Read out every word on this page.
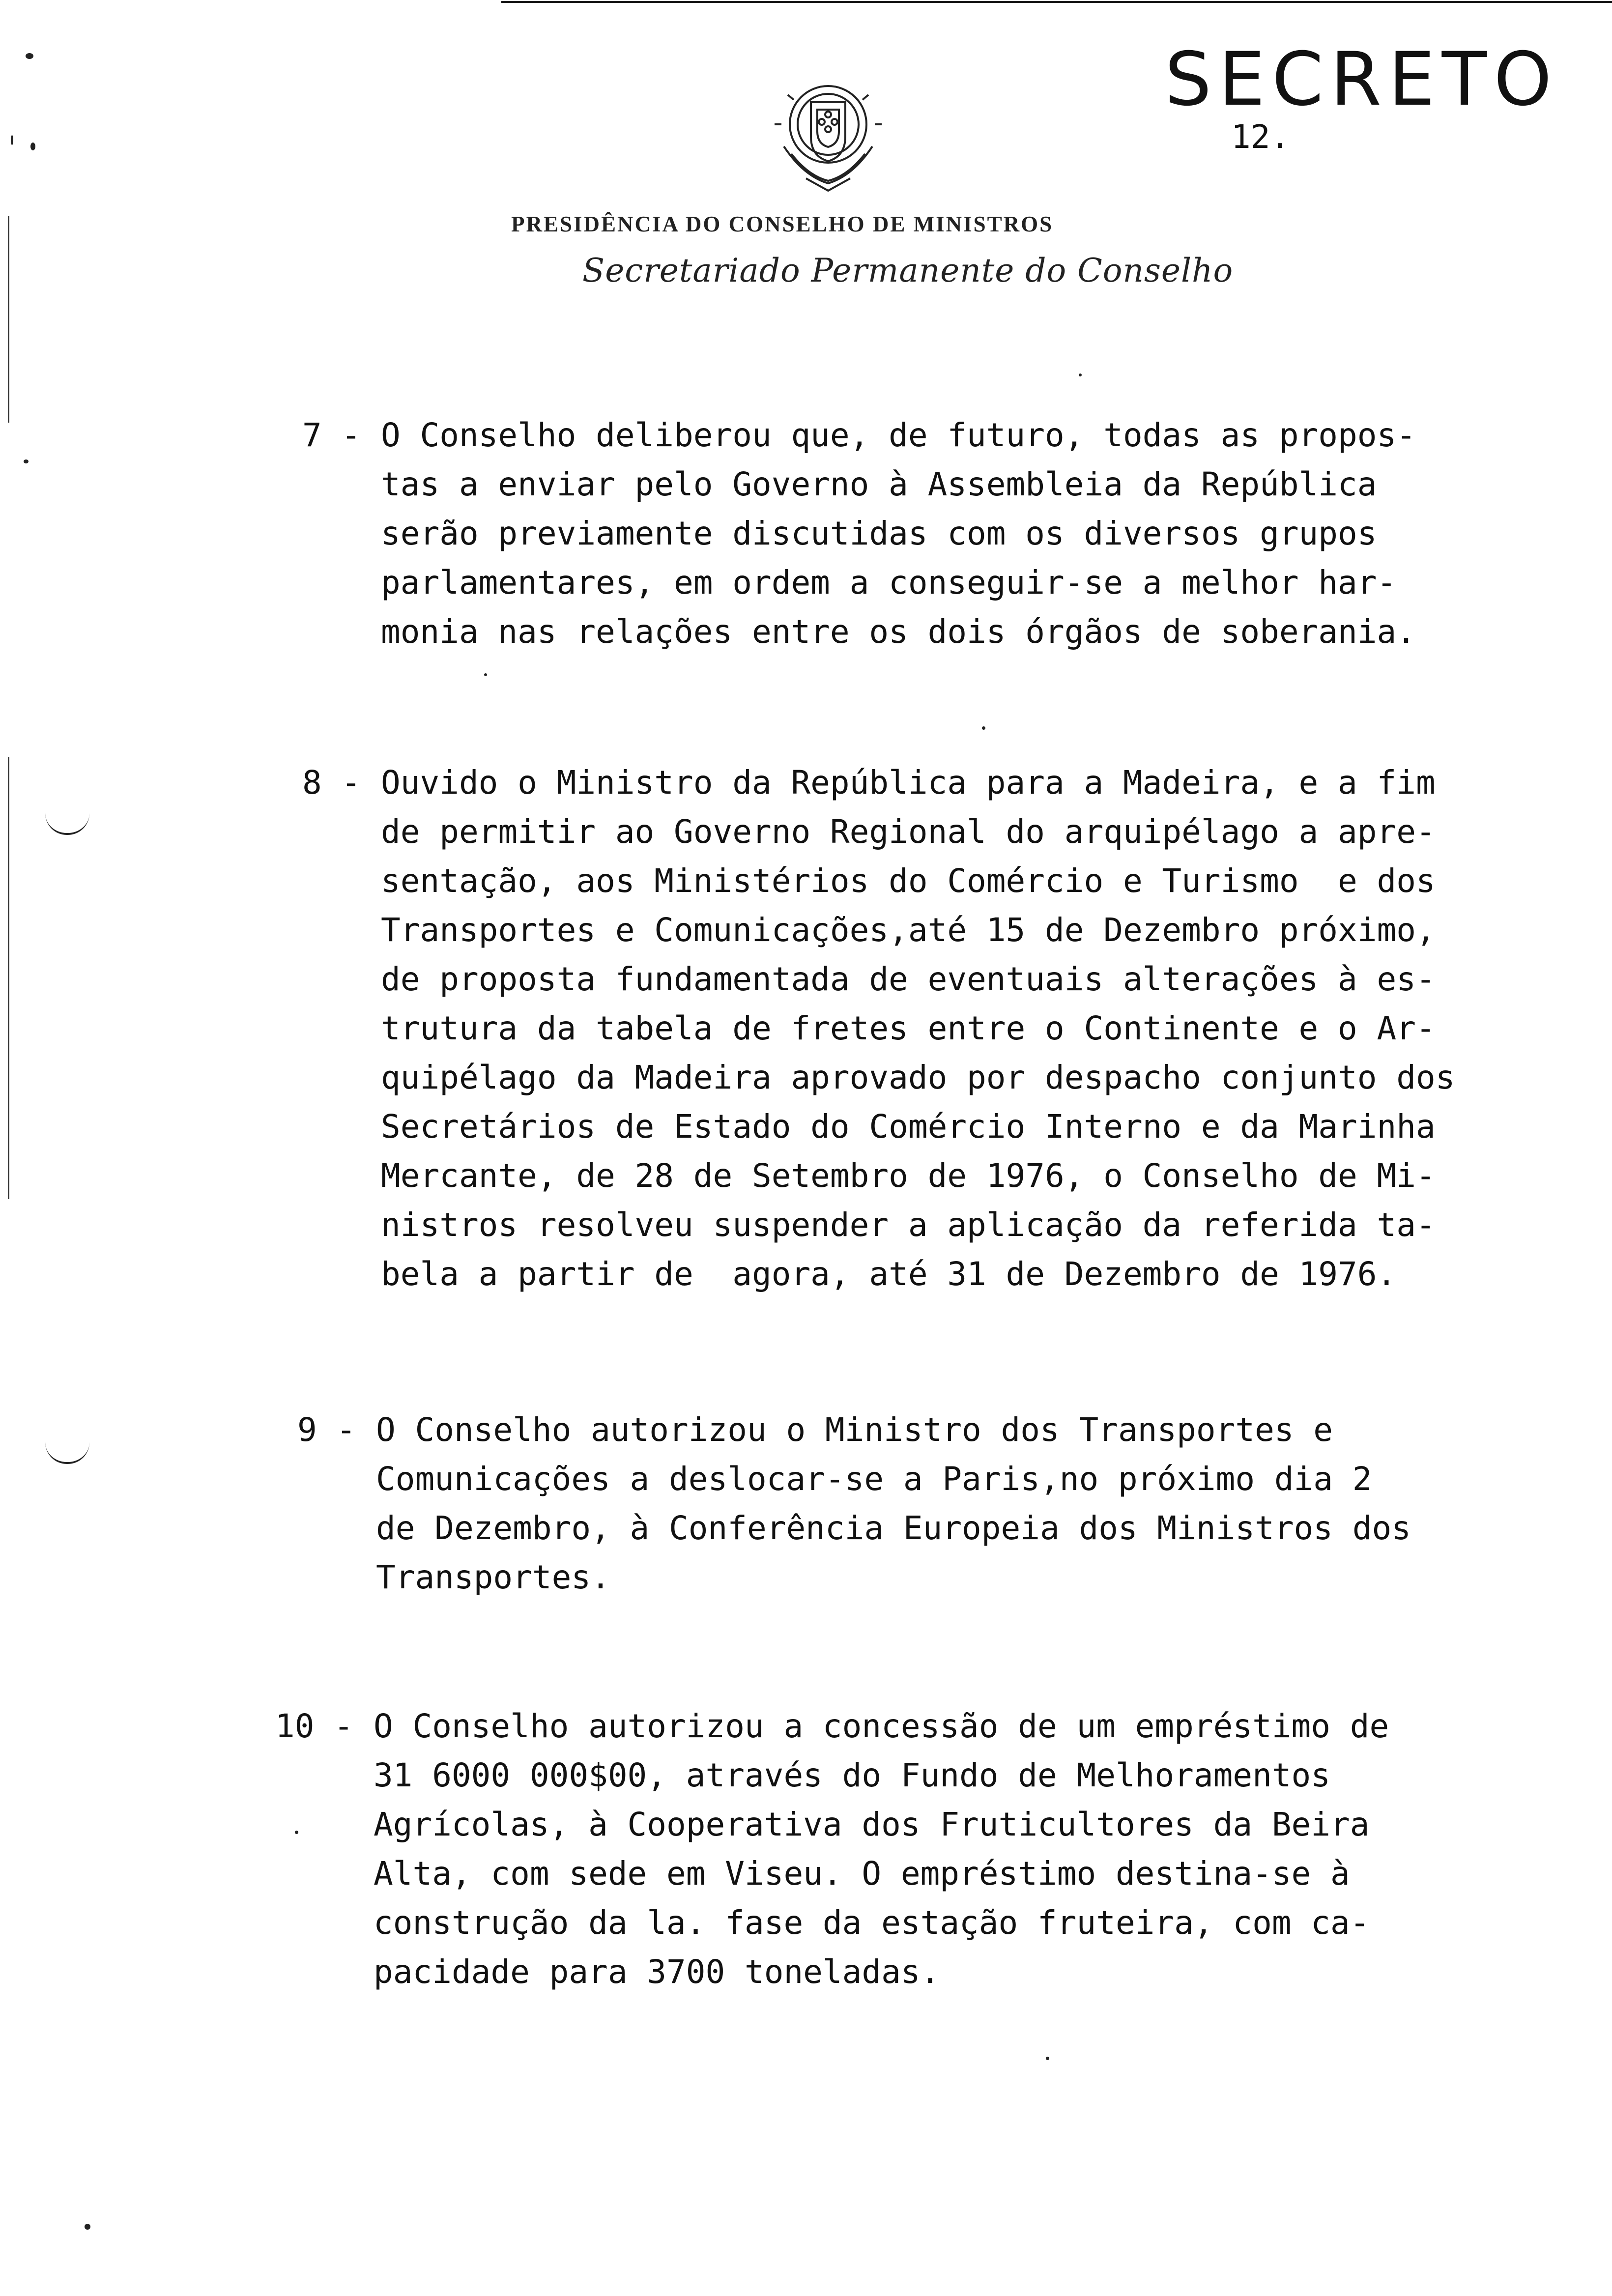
SECRETO
12.
PRESIDÊNCIA DO CONSELHO DE MINISTROS
Secretariado Permanente do Conselho
7 - O Conselho deliberou que, de futuro, todas as propos-
tas a enviar pelo Governo à Assembleia da República
serão previamente discutidas com os diversos grupos
parlamentares, em ordem a conseguir-se a melhor har-
monia nas relações entre os dois órgãos de soberania.
8 - Ouvido o Ministro da República para a Madeira, e a fim
de permitir ao Governo Regional do arquipélago a apre-
sentação, aos Ministérios do Comércio e Turismo  e dos
Transportes e Comunicações,até 15 de Dezembro próximo,
de proposta fundamentada de eventuais alterações à es-
trutura da tabela de fretes entre o Continente e o Ar-
quipélago da Madeira aprovado por despacho conjunto dos
Secretários de Estado do Comércio Interno e da Marinha
Mercante, de 28 de Setembro de 1976, o Conselho de Mi-
nistros resolveu suspender a aplicação da referida ta-
bela a partir de  agora, até 31 de Dezembro de 1976.
9 - O Conselho autorizou o Ministro dos Transportes e
Comunicações a deslocar-se a Paris,no próximo dia 2
de Dezembro, à Conferência Europeia dos Ministros dos
Transportes.
10 - O Conselho autorizou a concessão de um empréstimo de
31 6000 000$00, através do Fundo de Melhoramentos
Agrícolas, à Cooperativa dos Fruticultores da Beira
Alta, com sede em Viseu. O empréstimo destina-se à
construção da la. fase da estação fruteira, com ca-
pacidade para 3700 toneladas.
